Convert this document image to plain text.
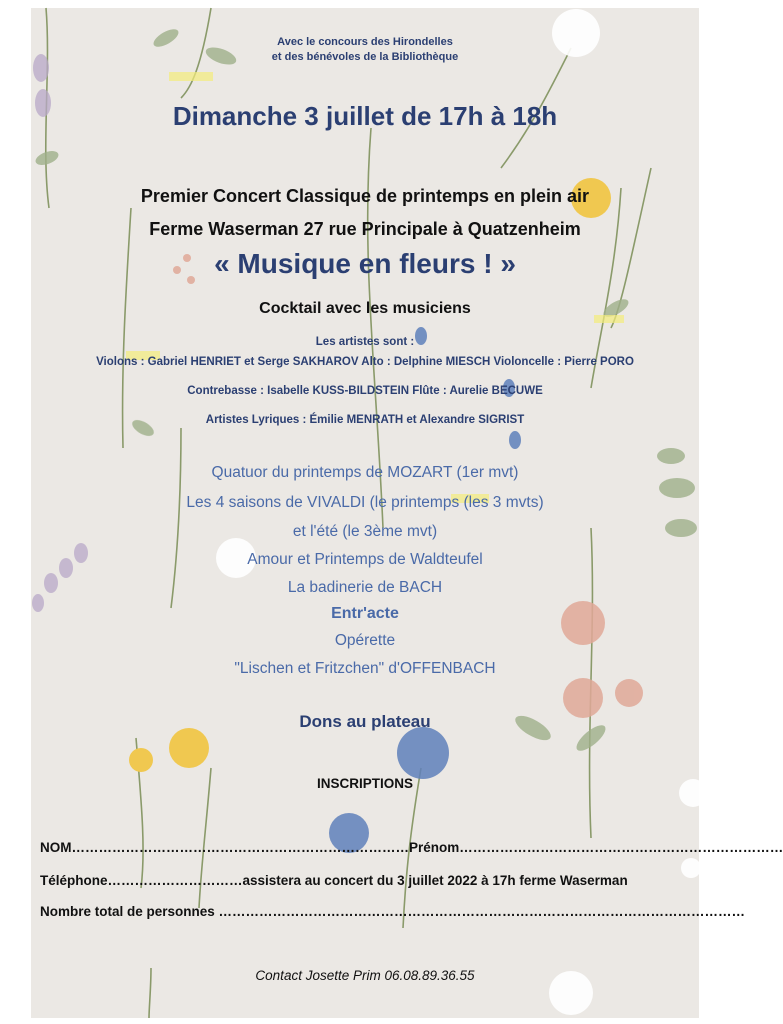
Avec le concours des Hirondelles
et des bénévoles de la Bibliothèque
Dimanche 3 juillet de 17h à 18h
Premier Concert Classique de printemps en plein air
Ferme Waserman 27 rue Principale à Quatzenheim
« Musique en fleurs ! »
Cocktail avec les musiciens
Les artistes sont :
Violons : Gabriel HENRIET et Serge SAKHAROV Alto : Delphine MIESCH Violoncelle : Pierre PORO
Contrebasse : Isabelle KUSS-BILDSTEIN Flûte : Aurelie BECUWE
Artistes Lyriques : Émilie MENRATH et Alexandre SIGRIST
Quatuor du printemps de MOZART (1er mvt)
Les 4 saisons de VIVALDI (le printemps (les 3 mvts)
et l'été (le 3ème mvt)
Amour et Printemps de Waldteufel
La badinerie de BACH
Entr'acte
Opérette
"Lischen et Fritzchen" d'OFFENBACH
Dons au plateau
INSCRIPTIONS
NOM…………………………………………………………………Prénom………………………………………………………………
Téléphone…………………………assistera au concert du 3 juillet 2022 à 17h ferme Waserman
Nombre total de personnes ………………………………………………………………………………………………………
Contact Josette Prim 06.08.89.36.55
